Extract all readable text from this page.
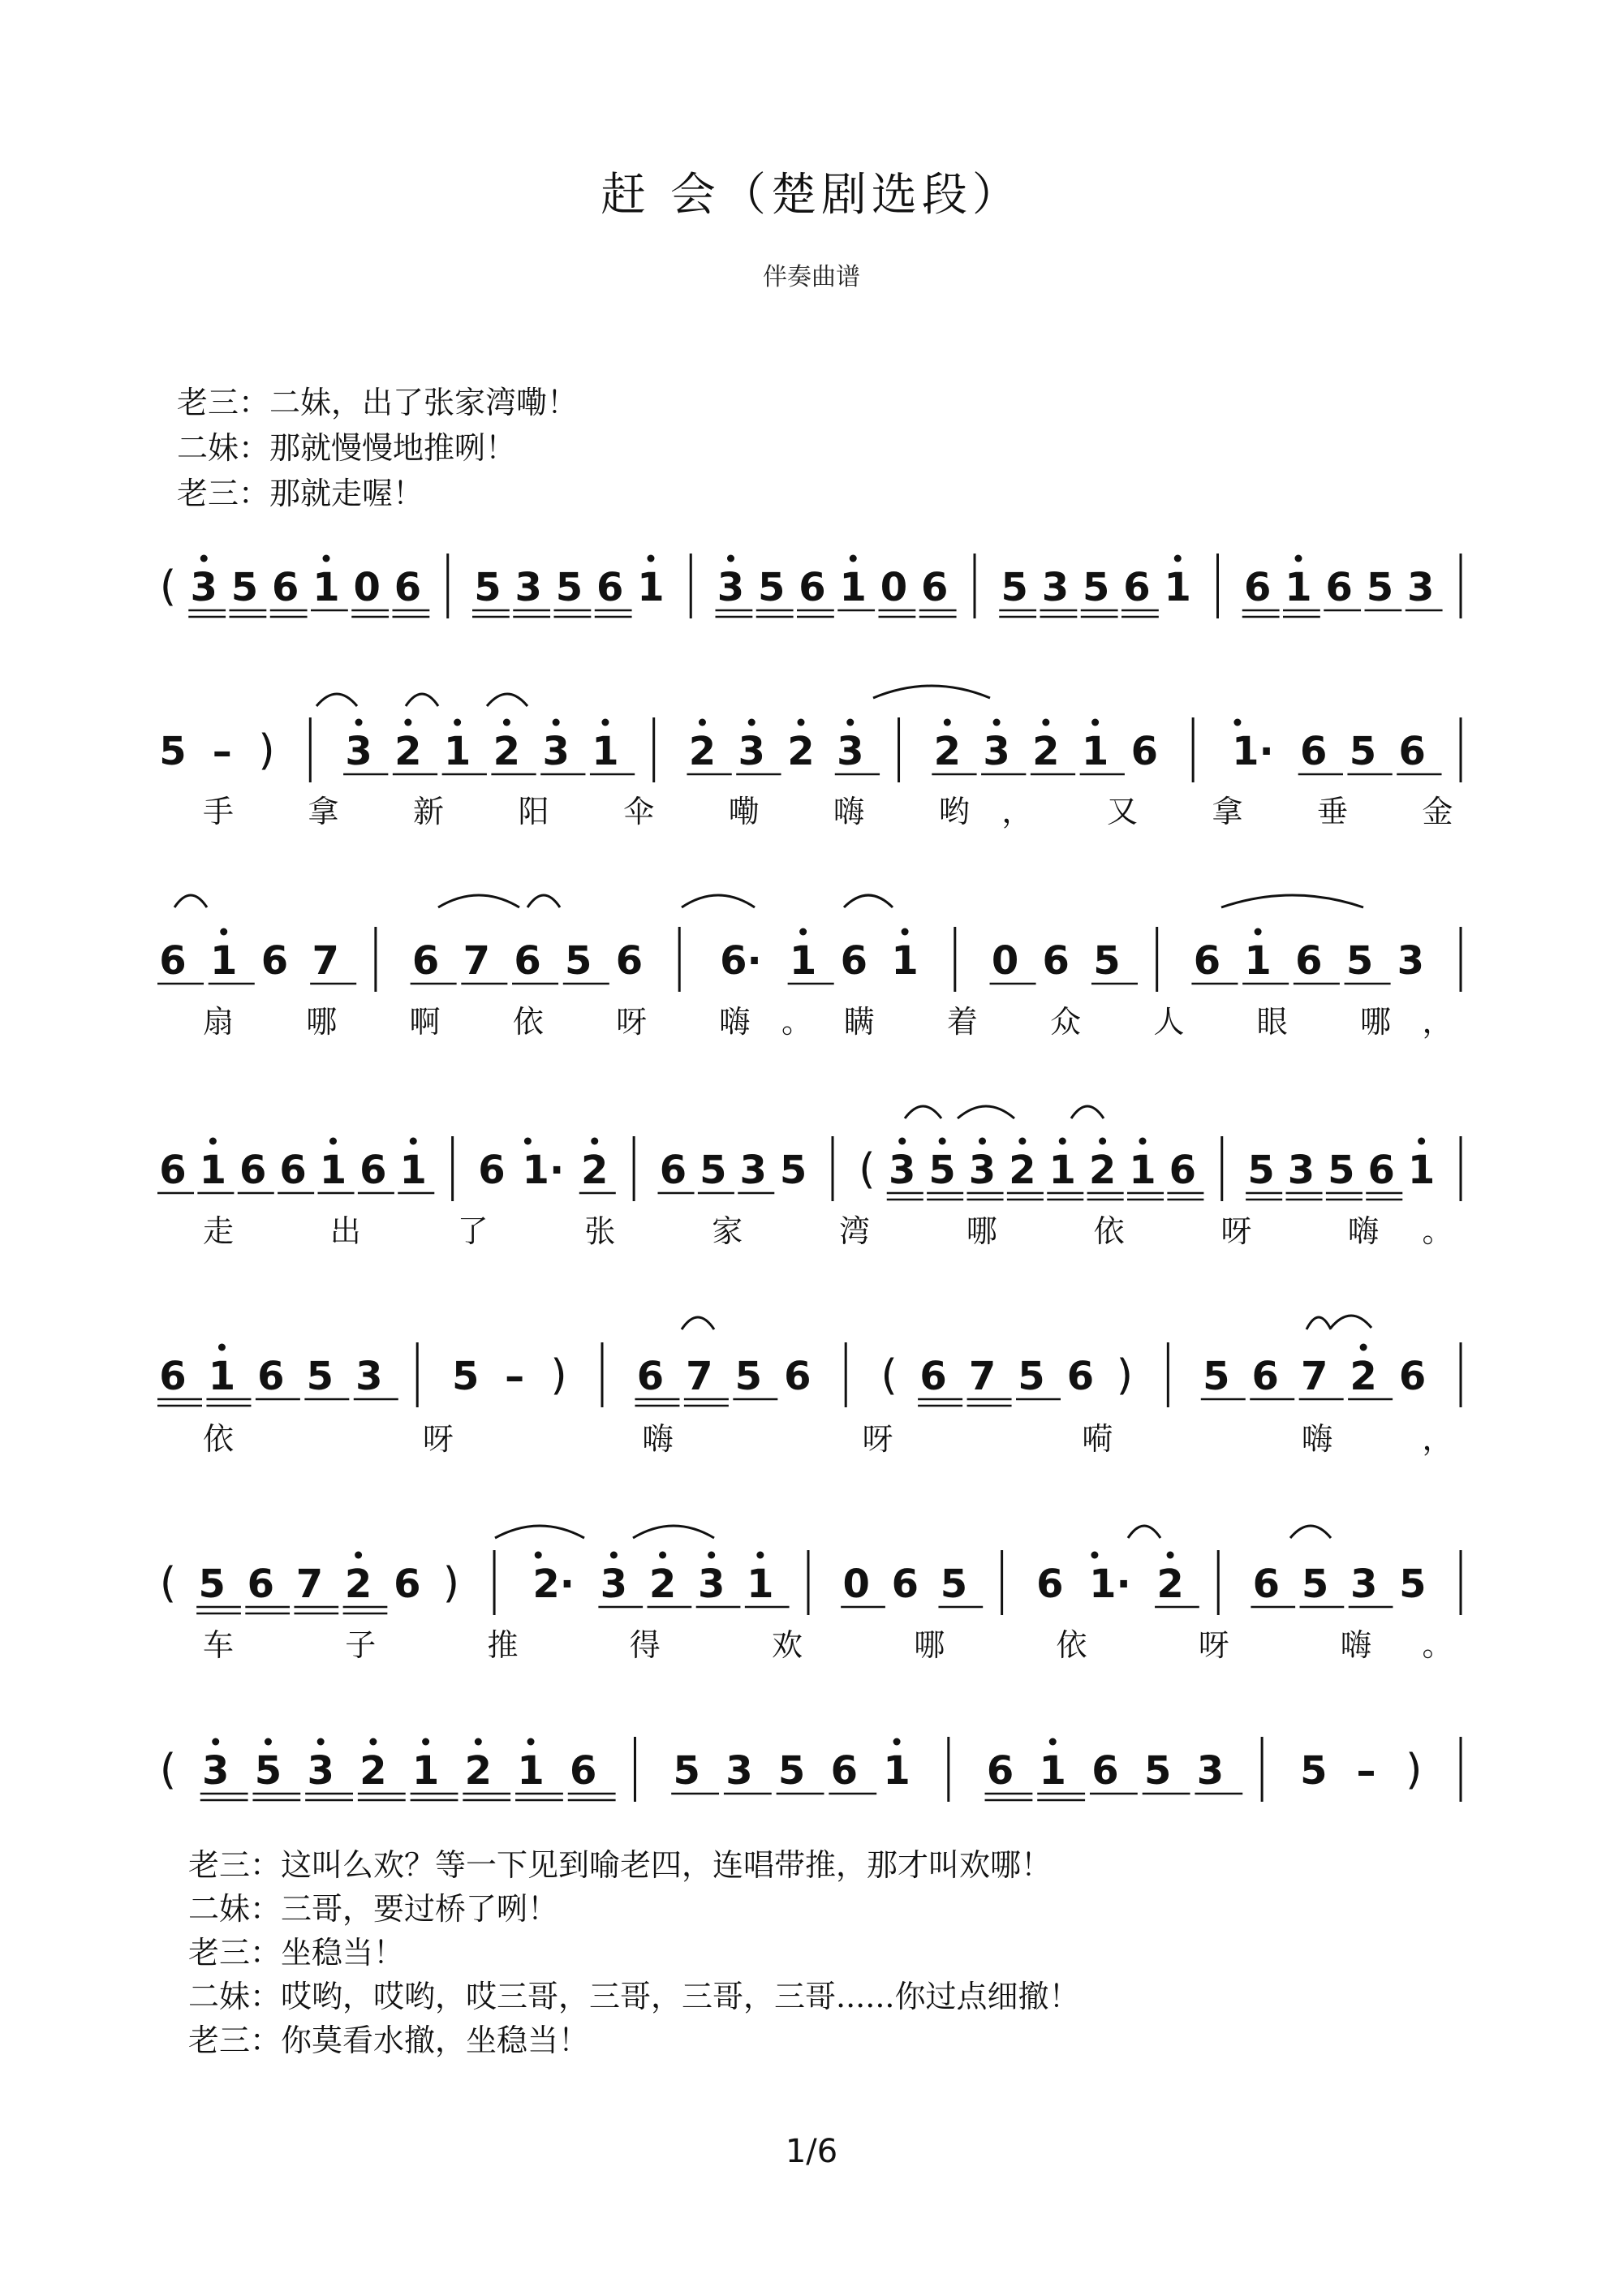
赶 会（楚剧选段）
伴奏曲谱
老三：二妹，出了张家湾嘞！
二妹：那就慢慢地推咧！
老三：那就走喔！
( 3 5 6 1 0 6 5 3 5 6 1 3 5 6 1 0 6 5 3 5 6 1 6 1 6 5 3
5 – ) 3 2 1 2 3 1 2 3 2 3 2 3 2 1 6 1· 6 5 6
手 拿 新 阳 伞 嘞 嗨 哟， 又 拿 垂 金
6 1 6 7 6 7 6 5 6 6· 1 6 1 0 6 5 6 1 6 5 3
扇 哪 啊 依 呀 嗨。瞒 着 众 人 眼 哪，
6 1 6 6 1 6 1 6 1· 2 6 5 3 5 ( 3 5 3 2 1 2 1 6 5 3 5 6 1
走 出 了 张 家 湾 哪 依 呀 嗨。
6 1 6 5 3 5 – ) 6 7 5 6 ( 6 7 5 6 ) 5 6 7 2 6
依 呀 嗨 呀 嗬 嗨，
( 5 6 7 2 6 ) 2· 3 2 3 1 0 6 5 6 1· 2 6 5 3 5
车 子 推 得 欢 哪 依 呀 嗨。
( 3 5 3 2 1 2 1 6 5 3 5 6 1 6 1 6 5 3 5 – )
老三：这叫么欢？等一下见到喻老四，连唱带推，那才叫欢哪！
二妹：三哥，要过桥了咧！
老三：坐稳当！
二妹：哎哟，哎哟，哎三哥，三哥，三哥，三哥......你过点细撤！
老三：你莫看水撤，坐稳当！
1/6
